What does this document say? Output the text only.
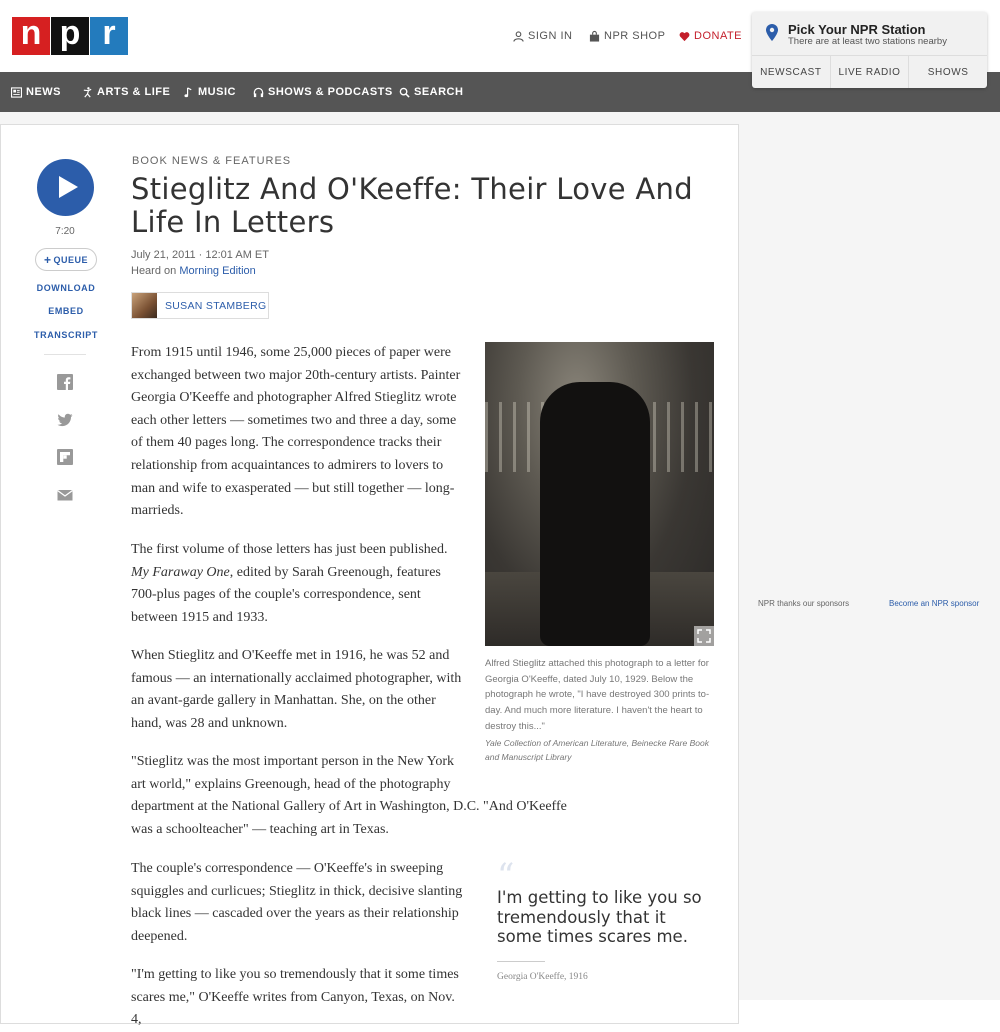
n p r	SIGN IN	NPR SHOP	DONATE
NEWS	ARTS & LIFE	MUSIC	SHOWS & PODCASTS SEARCH
Pick Your NPR Station
There are at least two stations nearby
NEWSCAST	LIVE RADIO	SHOWS
7:20
+ QUEUE
DOWNLOAD
EMBED
TRANSCRIPT
BOOK NEWS & FEATURES
Stieglitz And O'Keeffe: Their Love And Life In Letters
July 21, 2011 · 12:01 AM ET
Heard on Morning Edition
SUSAN STAMBERG
Alfred Stieglitz attached this photograph to a letter for Georgia O'Keeffe, dated July 10, 1929. Below the photograph he wrote, "I have destroyed 300 prints to-day. And much more literature. I haven't the heart to destroy this..."
Yale Collection of American Literature, Beinecke Rare Book and Manuscript Library

From 1915 until 1946, some 25,000 pieces of paper were exchanged between two major 20th-century artists. Painter Georgia O'Keeffe and photographer Alfred Stieglitz wrote each other letters — sometimes two and three a day, some of them 40 pages long. The correspondence tracks their relationship from acquaintances to admirers to lovers to man and wife to exasperated — but still together — long-marrieds.

The first volume of those letters has just been published. My Faraway One, edited by Sarah Greenough, features 700-plus pages of the couple's correspondence, sent between 1915 and 1933.

When Stieglitz and O'Keeffe met in 1916, he was 52 and famous — an internationally acclaimed photographer, with an avant-garde gallery in Manhattan. She, on the other hand, was 28 and unknown.

"Stieglitz was the most important person in the New York art world," explains Greenough, head of the photography
department at the National Gallery of Art in Washington, D.C. "And O'Keeffe was a schoolteacher" — teaching art in Texas.

The couple's correspondence — O'Keeffe's in sweeping squiggles and curlicues; Stieglitz in thick, decisive slanting black lines — cascaded over the years as their relationship deepened.

"I'm getting to like you so tremendously that it some times scares me," O'Keeffe writes from Canyon, Texas, on Nov. 4,

“
I'm getting to like you so tremendously that it some times scares me.
Georgia O'Keeffe, 1916
NPR thanks our sponsors	Become an NPR sponsor
